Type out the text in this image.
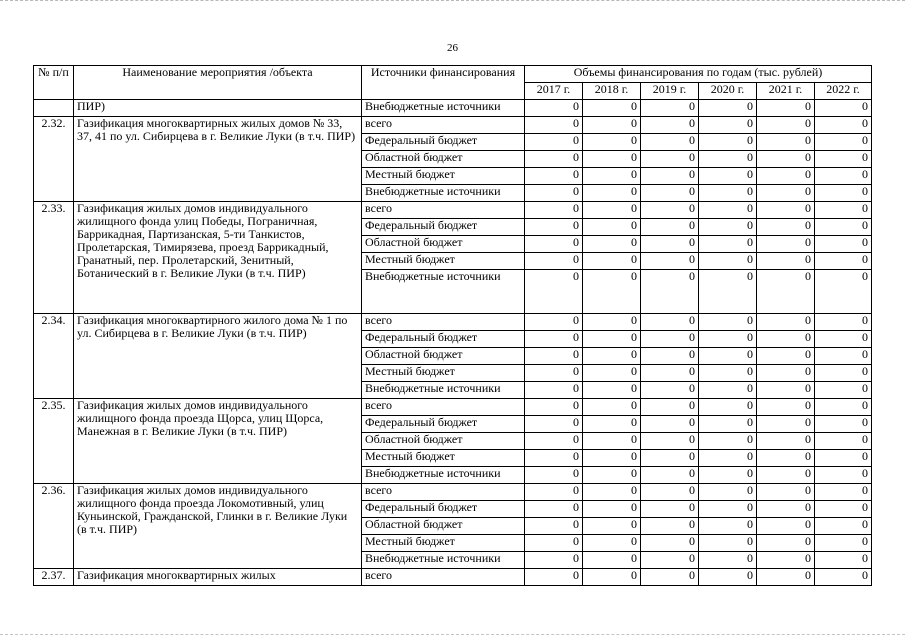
26
№ п/п	Наименование мероприятия /объекта	Источники финансирования	Объемы финансирования по годам (тыс. рублей)					
			2017 г.	2018 г.	2019 г.	2020 г.	2021 г.	2022 г.
	ПИР)	Внебюджетные источники	0	0	0	0	0	0
2.32.	Газификация многоквартирных жилых домов № 33, 37, 41 по ул. Сибирцева в г. Великие Луки (в т.ч. ПИР)	всего	0	0	0	0	0	0
		Федеральный бюджет	0	0	0	0	0	0
		Областной бюджет	0	0	0	0	0	0
		Местный бюджет	0	0	0	0	0	0
		Внебюджетные источники	0	0	0	0	0	0
2.33.	Газификация жилых домов индивидуального жилищного фонда улиц Победы, Пограничная, Баррикадная, Партизанская, 5-ти Танкистов, Пролетарская, Тимирязева, проезд Баррикадный, Гранатный, пер. Пролетарский, Зенитный, Ботанический в г. Великие Луки (в т.ч. ПИР)	всего	0	0	0	0	0	0
		Федеральный бюджет	0	0	0	0	0	0
		Областной бюджет	0	0	0	0	0	0
		Местный бюджет	0	0	0	0	0	0
		Внебюджетные источники	0	0	0	0	0	0
2.34.	Газификация многоквартирного жилого дома № 1 по ул. Сибирцева в г. Великие Луки (в т.ч. ПИР)	всего	0	0	0	0	0	0
		Федеральный бюджет	0	0	0	0	0	0
		Областной бюджет	0	0	0	0	0	0
		Местный бюджет	0	0	0	0	0	0
		Внебюджетные источники	0	0	0	0	0	0
2.35.	Газификация жилых домов индивидуального жилищного фонда проезда Щорса, улиц Щорса, Манежная в г. Великие Луки (в т.ч. ПИР)	всего	0	0	0	0	0	0
		Федеральный бюджет	0	0	0	0	0	0
		Областной бюджет	0	0	0	0	0	0
		Местный бюджет	0	0	0	0	0	0
		Внебюджетные источники	0	0	0	0	0	0
2.36.	Газификация жилых домов индивидуального жилищного фонда проезда Локомотивный, улиц Куньинской, Гражданской, Глинки в г. Великие Луки (в т.ч. ПИР)	всего	0	0	0	0	0	0
		Федеральный бюджет	0	0	0	0	0	0
		Областной бюджет	0	0	0	0	0	0
		Местный бюджет	0	0	0	0	0	0
		Внебюджетные источники	0	0	0	0	0	0
2.37.	Газификация многоквартирных жилых	всего	0	0	0	0	0	0
